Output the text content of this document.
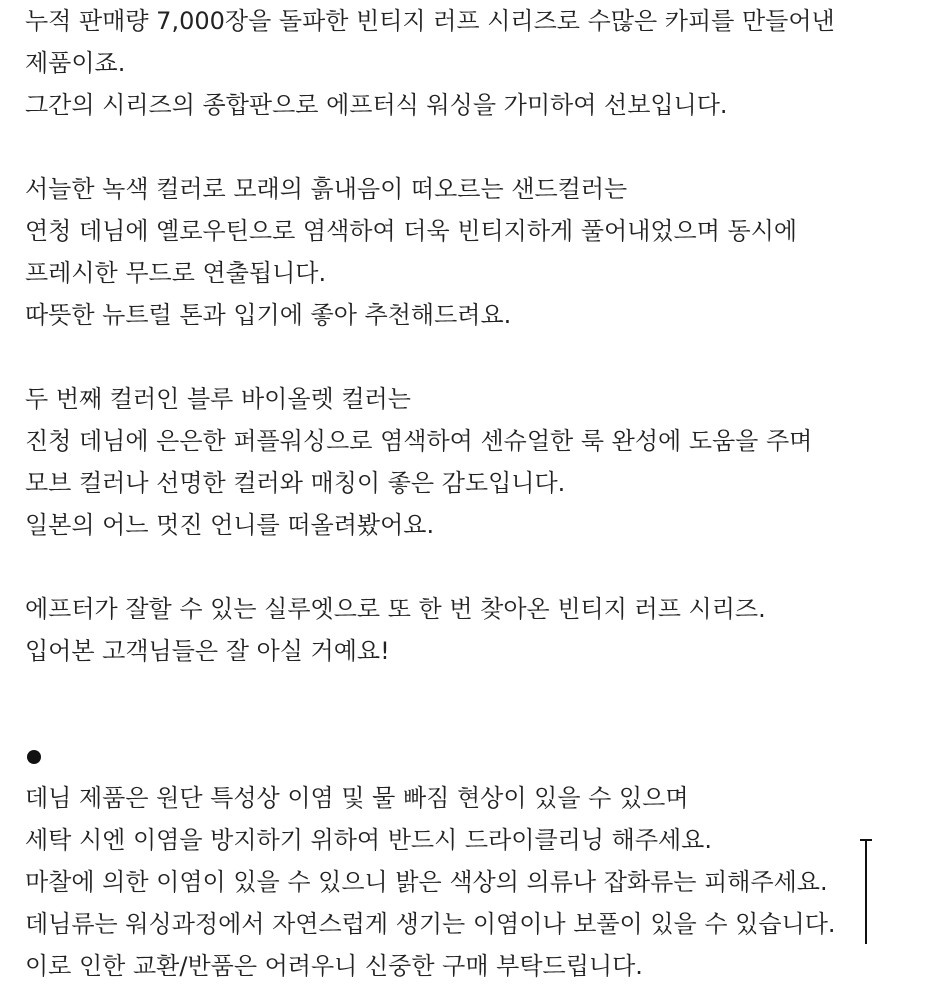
누적 판매량 7,000장을 돌파한 빈티지 러프 시리즈로 수많은 카피를 만들어낸
제품이죠.
그간의 시리즈의 종합판으로 에프터식 워싱을 가미하여 선보입니다.
서늘한 녹색 컬러로 모래의 흙내음이 떠오르는 샌드컬러는
연청 데님에 옐로우틴으로 염색하여 더욱 빈티지하게 풀어내었으며 동시에
프레시한 무드로 연출됩니다.
따뜻한 뉴트럴 톤과 입기에 좋아 추천해드려요.
두 번째 컬러인 블루 바이올렛 컬러는
진청 데님에 은은한 퍼플워싱으로 염색하여 센슈얼한 룩 완성에 도움을 주며
모브 컬러나 선명한 컬러와 매칭이 좋은 감도입니다.
일본의 어느 멋진 언니를 떠올려봤어요.
에프터가 잘할 수 있는 실루엣으로 또 한 번 찾아온 빈티지 러프 시리즈.
입어본 고객님들은 잘 아실 거예요!
데님 제품은 원단 특성상 이염 및 물 빠짐 현상이 있을 수 있으며
세탁 시엔 이염을 방지하기 위하여 반드시 드라이클리닝 해주세요.
마찰에 의한 이염이 있을 수 있으니 밝은 색상의 의류나 잡화류는 피해주세요.
데님류는 워싱과정에서 자연스럽게 생기는 이염이나 보풀이 있을 수 있습니다.
이로 인한 교환/반품은 어려우니 신중한 구매 부탁드립니다.
